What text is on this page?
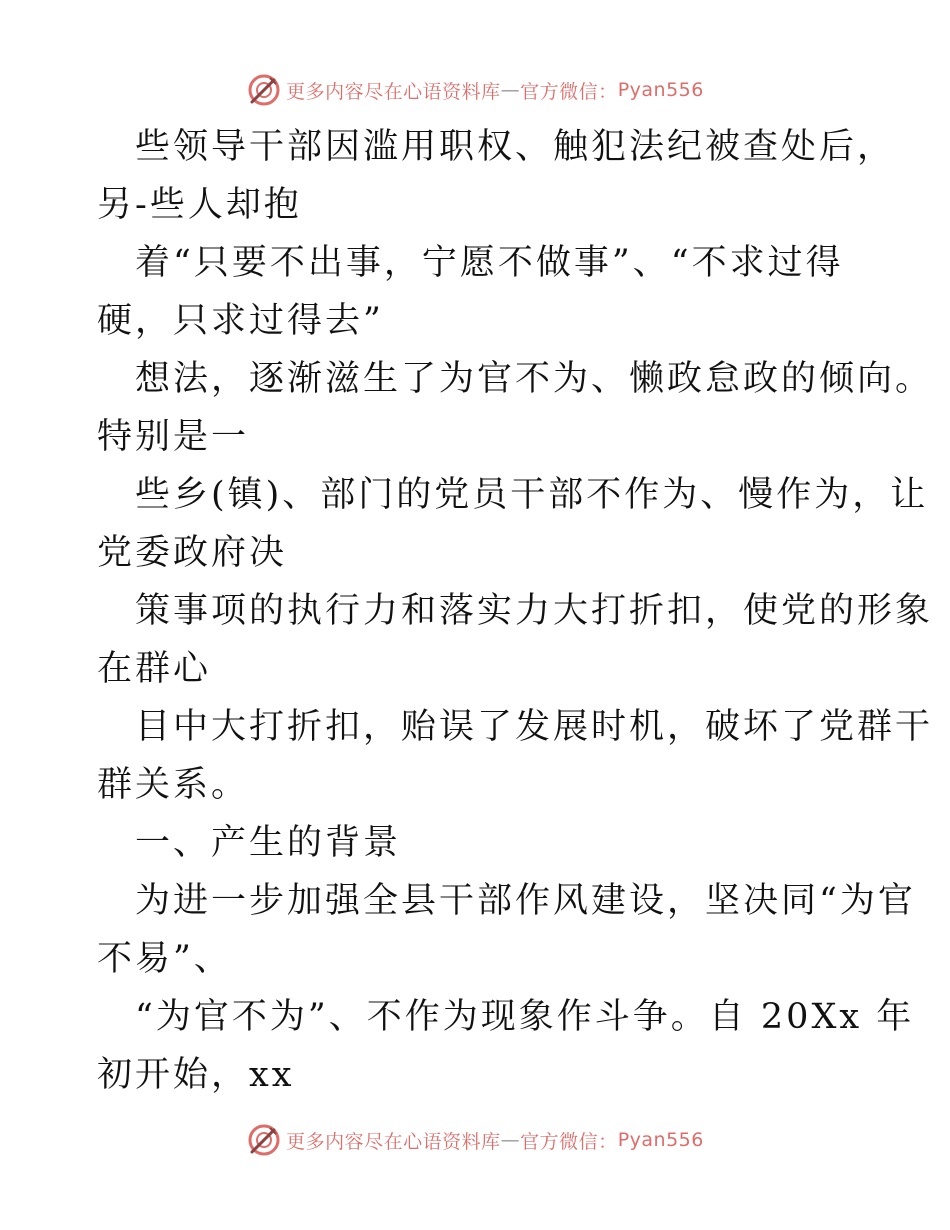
更多内容尽在心语资料库 — 官方微信： Pyan556
些领导干部因滥用职权、触犯法纪被查处后，
另-些人却抱
着“只要不出事，宁愿不做事”、“不求过得
硬，只求过得去”
想法，逐渐滋生了为官不为、懒政怠政的倾向。
特别是一
些乡(镇)、部门的党员干部不作为、慢作为，让
党委政府决
策事项的执行力和落实力大打折扣，使党的形象
在群心
目中大打折扣，贻误了发展时机，破坏了党群干
群关系。
一、产生的背景
为进一步加强全县干部作风建设，坚决同“为官
不易”、
“为官不为”、不作为现象作斗争。自 20Xx 年
初开始，xx
更多内容尽在心语资料库 — 官方微信： Pyan556
